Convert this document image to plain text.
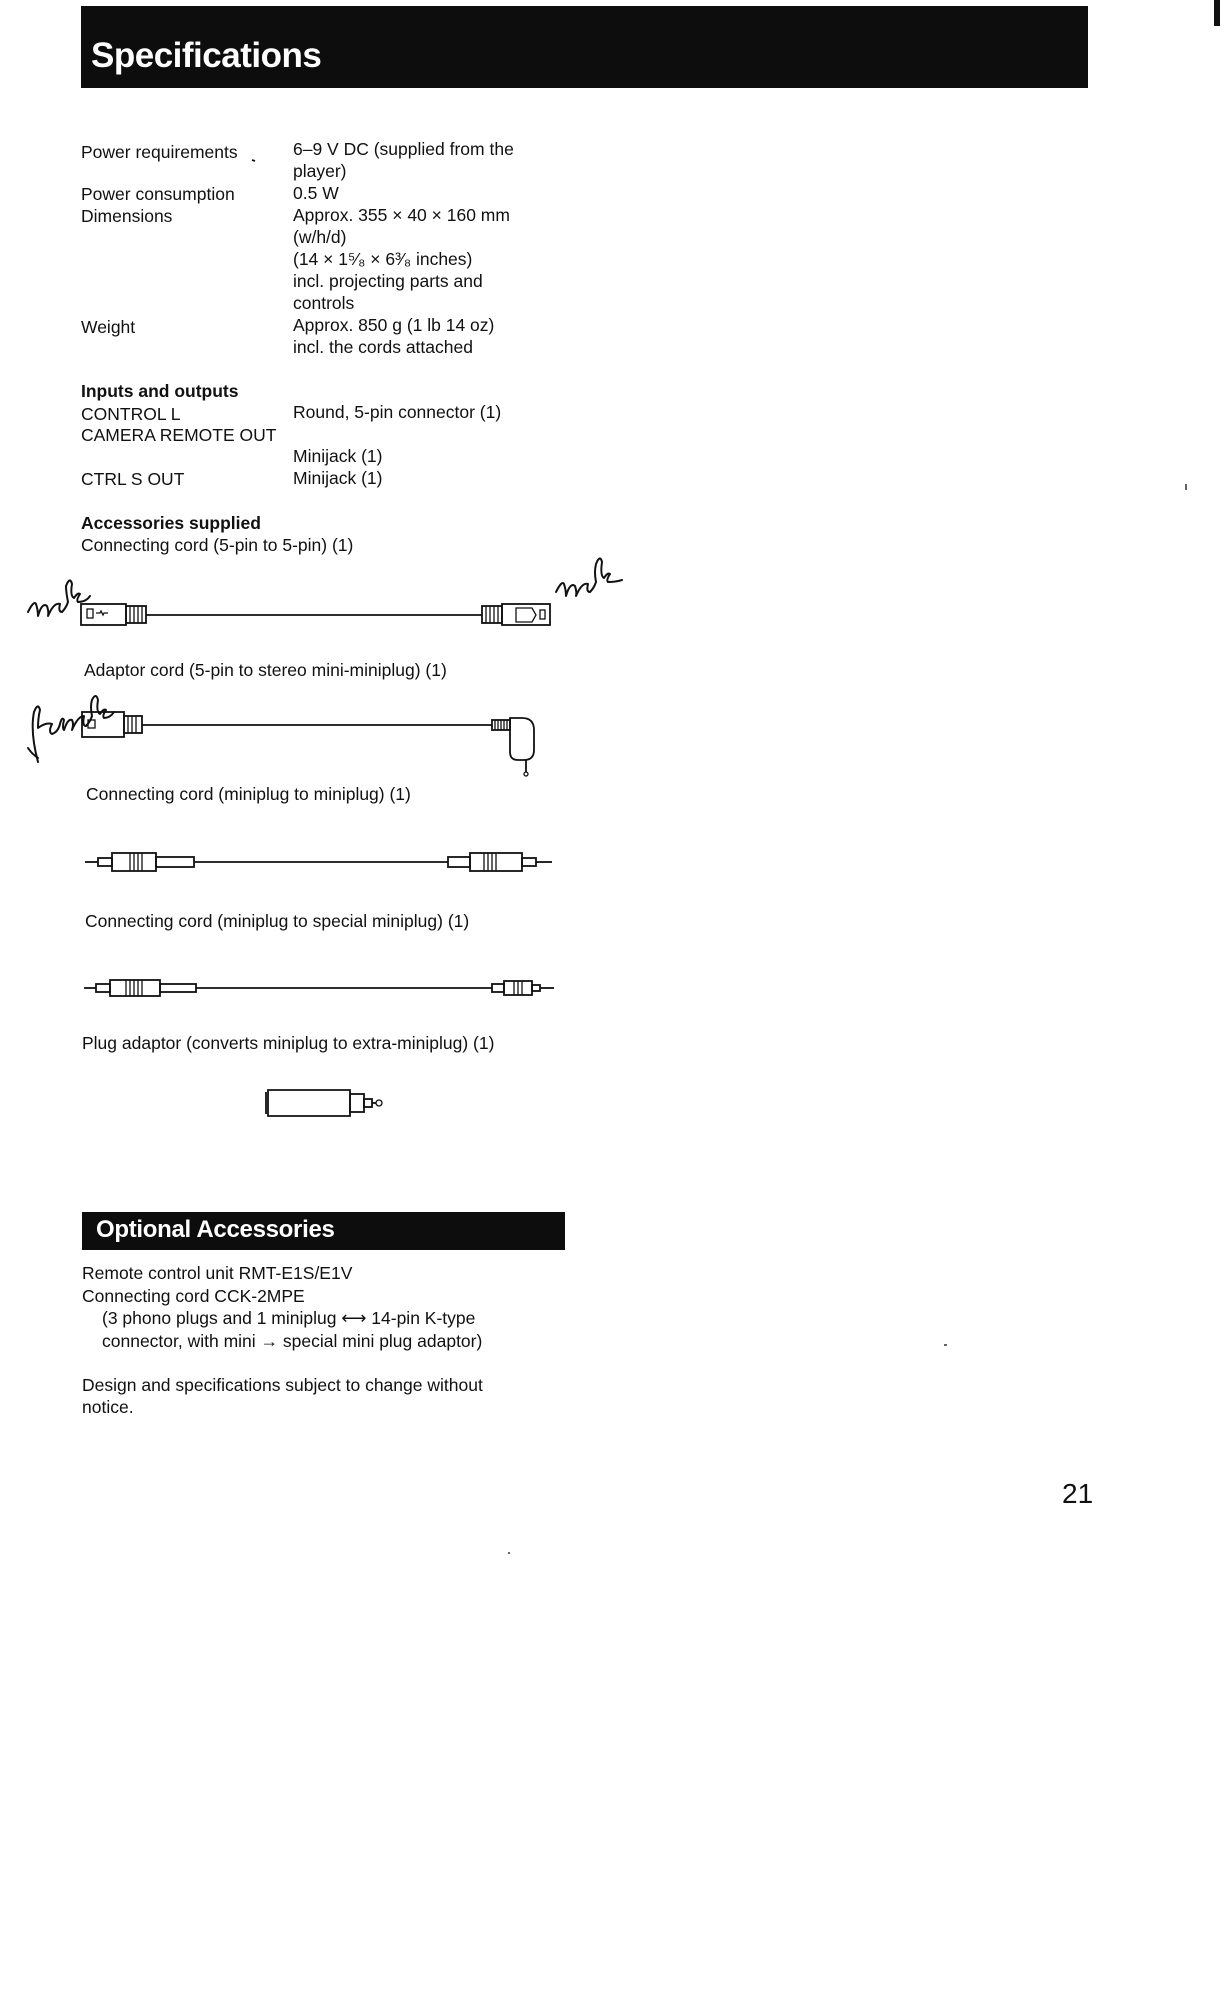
Specifications
Power requirements	6–9 V DC (supplied from the
player)
Power consumption	0.5 W
Dimensions	Approx. 355 × 40 × 160 mm
(w/h/d)
(14 × 1⁵⁄₈ × 6³⁄₈ inches)
incl. projecting parts and
controls
Weight	Approx. 850 g (1 lb 14 oz)
incl. the cords attached
Inputs and outputs
CONTROL L	Round, 5-pin connector (1)
CAMERA REMOTE OUT
Minijack (1)
CTRL S OUT	Minijack (1)
Accessories supplied
Connecting cord (5-pin to 5-pin) (1)
Adaptor cord (5-pin to stereo mini-miniplug) (1)
Connecting cord (miniplug to miniplug) (1)
Connecting cord (miniplug to special miniplug) (1)
Plug adaptor (converts miniplug to extra-miniplug) (1)
Optional Accessories
Remote control unit RMT-E1S/E1V
Connecting cord CCK-2MPE
(3 phono plugs and 1 miniplug ⟷ 14-pin K-type
connector, with mini → special mini plug adaptor)
Design and specifications subject to change without
notice.
21
